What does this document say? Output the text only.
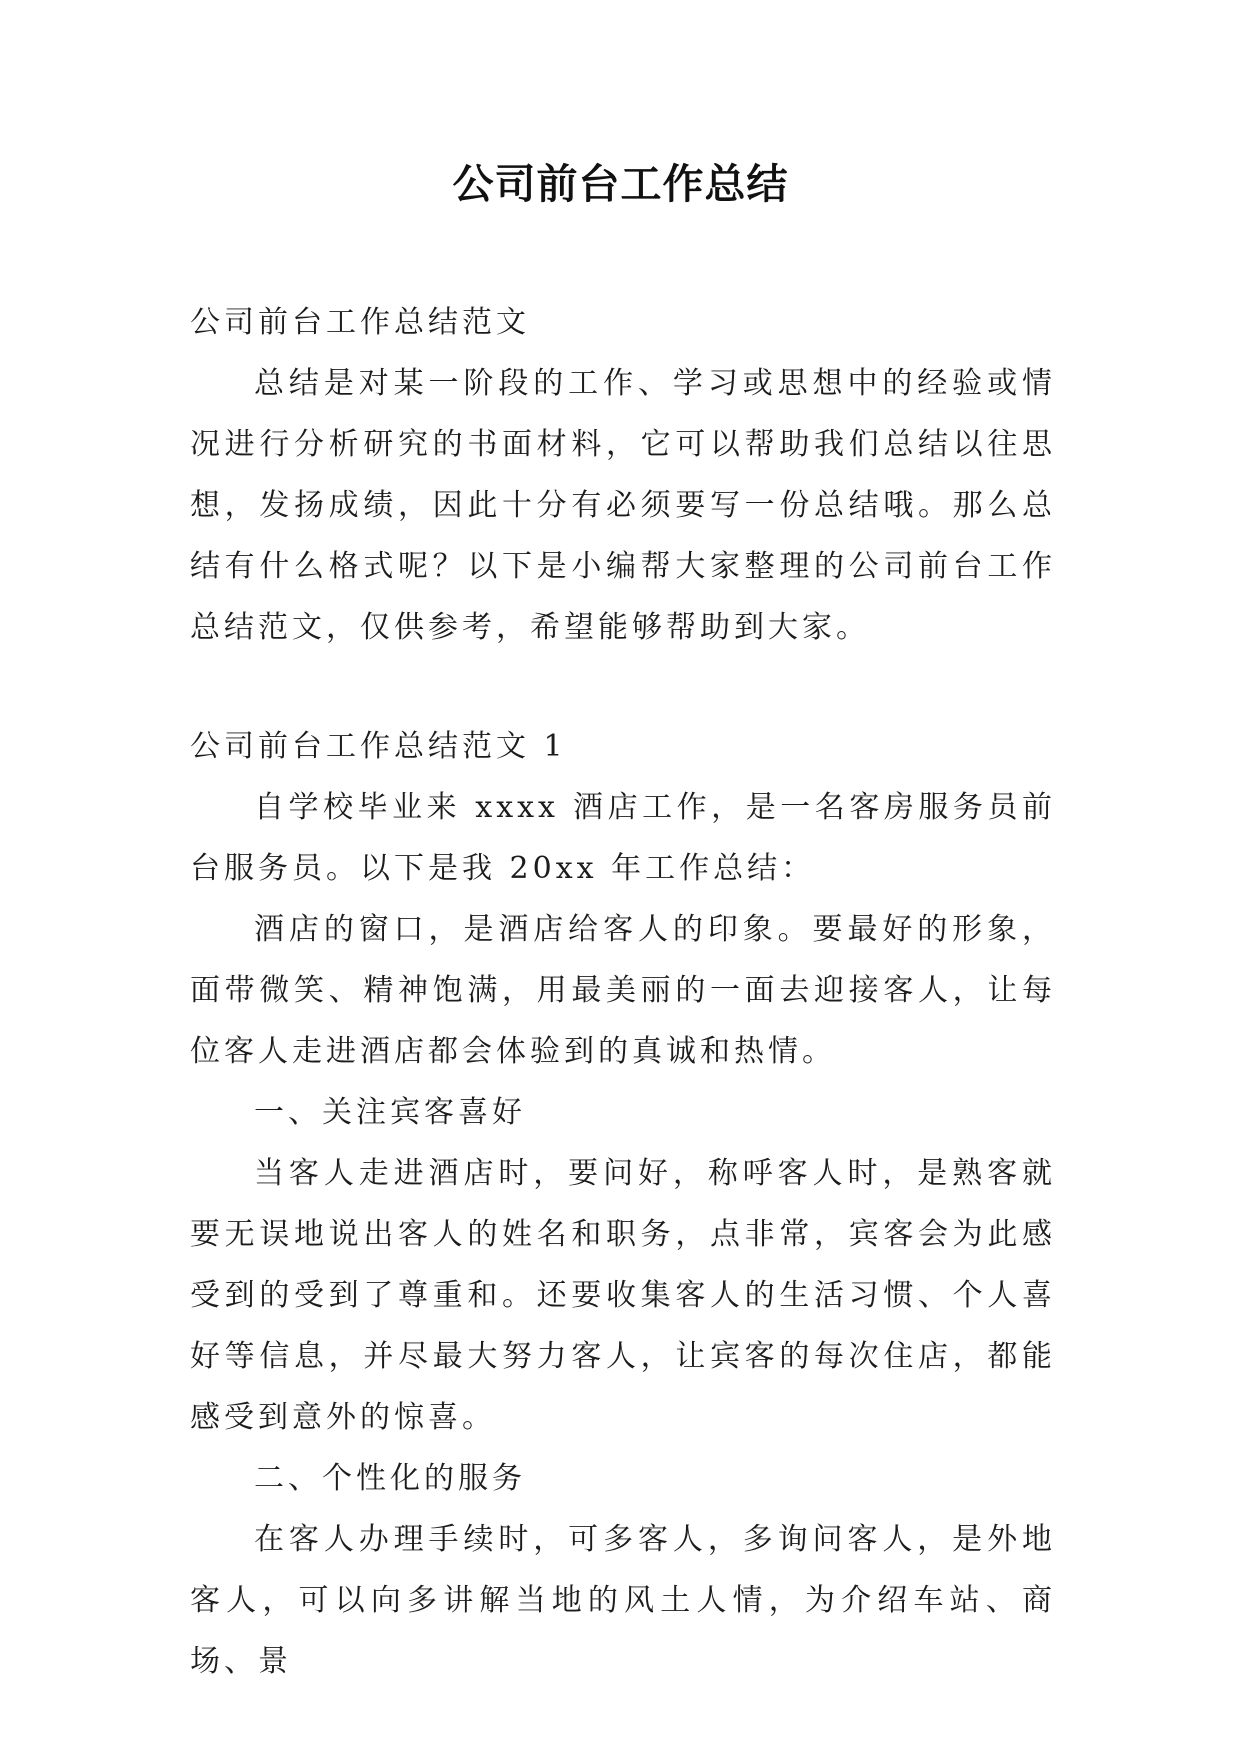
公司前台工作总结

公司前台工作总结范文

总结是对某一阶段的工作、学习或思想中的经验或情况进行分析研究的书面材料，它可以帮助我们总结以往思想，发扬成绩，因此十分有必须要写一份总结哦。那么总结有什么格式呢？以下是小编帮大家整理的公司前台工作总结范文，仅供参考，希望能够帮助到大家。

公司前台工作总结范文 1

自学校毕业来 xxxx 酒店工作，是一名客房服务员前台服务员。以下是我 20xx 年工作总结：

酒店的窗口，是酒店给客人的印象。要最好的形象，面带微笑、精神饱满，用最美丽的一面去迎接客人，让每位客人走进酒店都会体验到的真诚和热情。

一、关注宾客喜好

当客人走进酒店时，要问好，称呼客人时，是熟客就要无误地说出客人的姓名和职务，点非常，宾客会为此感受到的受到了尊重和。还要收集客人的生活习惯、个人喜好等信息，并尽最大努力客人，让宾客的每次住店，都能感受到意外的惊喜。

二、个性化的服务

在客人办理手续时，可多客人，多询问客人，是外地客人，可以向多讲解当地的风土人情，为介绍车站、商场、景
